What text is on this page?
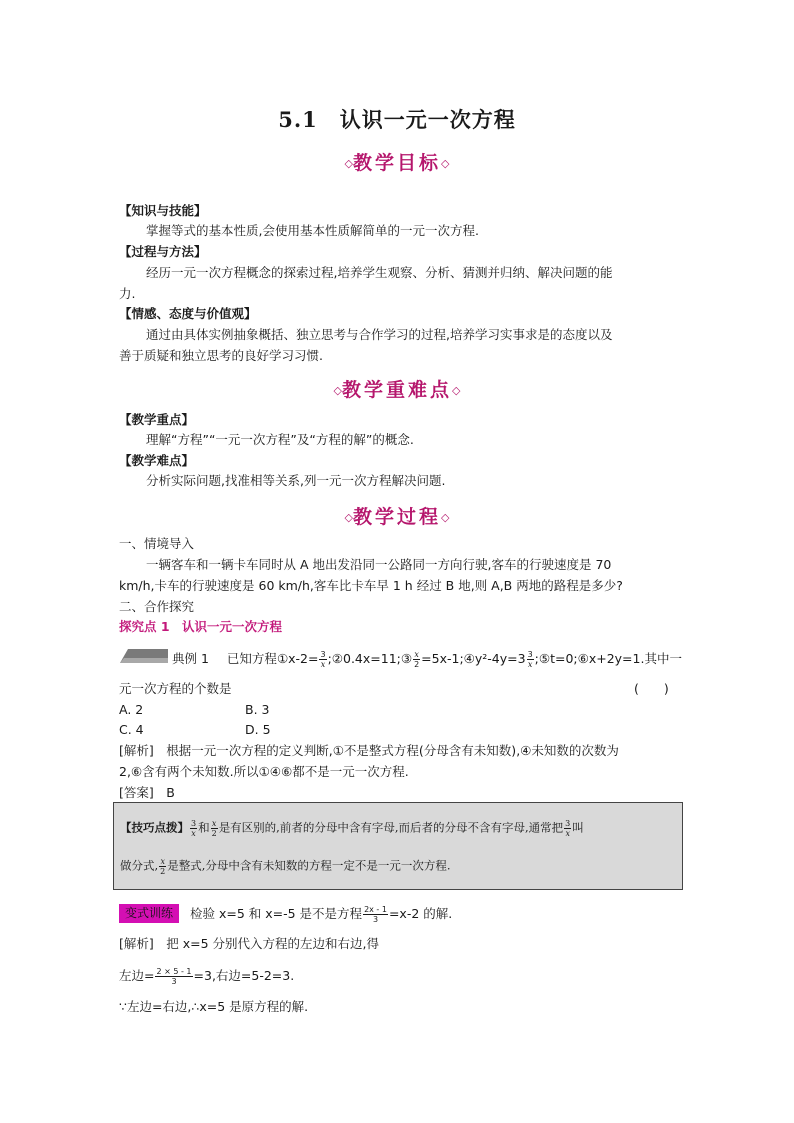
5.1　认识一元一次方程
◇教学目标◇
【知识与技能】
掌握等式的基本性质,会使用基本性质解简单的一元一次方程.
【过程与方法】
经历一元一次方程概念的探索过程,培养学生观察、分析、猜测并归纳、解决问题的能
力.
【情感、态度与价值观】
通过由具体实例抽象概括、独立思考与合作学习的过程,培养学习实事求是的态度以及
善于质疑和独立思考的良好学习习惯.
◇教学重难点◇
【教学重点】
理解“方程”“一元一次方程”及“方程的解”的概念.
【教学难点】
分析实际问题,找准相等关系,列一元一次方程解决问题.
◇教学过程◇
一、情境导入
一辆客车和一辆卡车同时从 A 地出发沿同一公路同一方向行驶,客车的行驶速度是 70
km/h,卡车的行驶速度是 60 km/h,客车比卡车早 1 h 经过 B 地,则 A,B 两地的路程是多少?
二、合作探究
探究点 1　认识一元一次方程
典例 1 已知方程①x-2= $\frac{3}{x}$ ;②0.4x=11;③ $\frac{x}{2}$ =5x-1;④y²-4y=3 $\frac{3}{x}$ ;⑤t=0;⑥x+2y=1.其中一
元一次方程的个数是	(　　)
A. 2	B. 3
C. 4	D. 5
[解析]　根据一元一次方程的定义判断,①不是整式方程(分母含有未知数),④未知数的次数为
2,⑥含有两个未知数.所以①④⑥都不是一元一次方程.
[答案]　B
【技巧点拨】 $\frac{3}{x}$ 和 $\frac{x}{2}$ 是有区别的,前者的分母中含有字母,而后者的分母不含有字母,通常把 $\frac{3}{x}$ 叫
做分式, $\frac{x}{2}$ 是整式,分母中含有未知数的方程一定不是一元一次方程.
变式训练	检验 x=5 和 x=-5 是不是方程 $\frac{2x - 1}{3} =x-2$ 的解.
[解析]　把 x=5 分别代入方程的左边和右边,得
左边= $\frac{2 \times 5 - 1}{3} =3$,右边=5-2=3.
∵左边=右边,∴x=5 是原方程的解.
